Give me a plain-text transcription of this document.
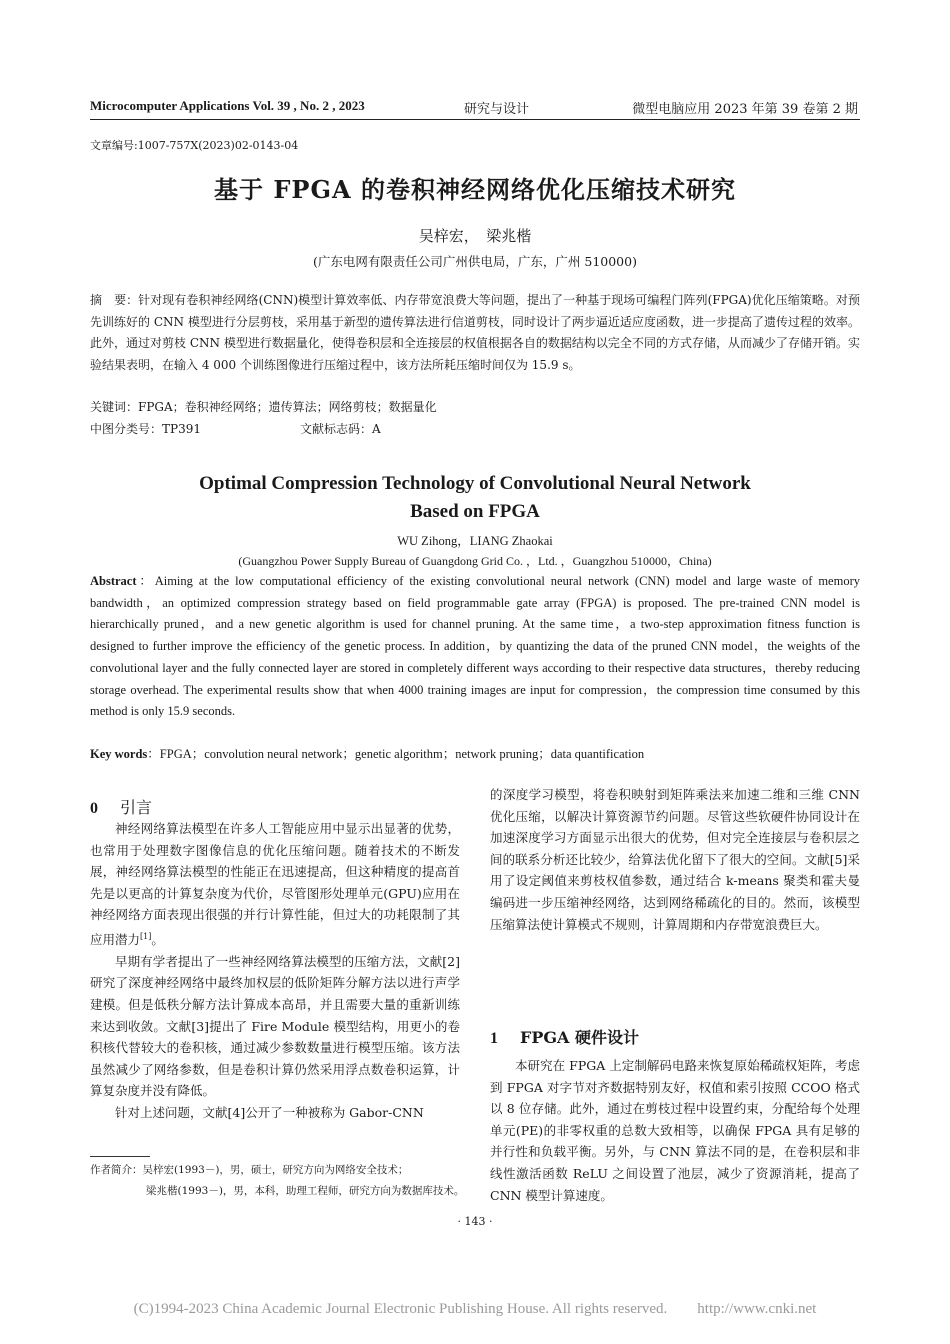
Microcomputer Applications Vol. 39 , No. 2 , 2023	研究与设计	微型电脑应用 2023 年第 39 卷第 2 期
文章编号:1007-757X(2023)02-0143-04
基于 FPGA 的卷积神经网络优化压缩技术研究
吴梓宏，　梁兆楷
(广东电网有限责任公司广州供电局，广东，广州 510000)
摘　要：针对现有卷积神经网络(CNN)模型计算效率低、内存带宽浪费大等问题，提出了一种基于现场可编程门阵列(FPGA)优化压缩策略。对预先训练好的 CNN 模型进行分层剪枝，采用基于新型的遗传算法进行信道剪枝，同时设计了两步逼近适应度函数，进一步提高了遗传过程的效率。此外，通过对剪枝 CNN 模型进行数据量化，使得卷积层和全连接层的权值根据各自的数据结构以完全不同的方式存储，从而减少了存储开销。实验结果表明，在输入 4 000 个训练图像进行压缩过程中，该方法所耗压缩时间仅为 15.9 s。
关键词：FPGA；卷积神经网络；遗传算法；网络剪枝；数据量化
中图分类号：TP391	文献标志码：A
Optimal Compression Technology of Convolutional Neural Network
Based on FPGA
WU Zihong，LIANG Zhaokai
(Guangzhou Power Supply Bureau of Guangdong Grid Co. ，Ltd. ，Guangzhou 510000，China)
Abstract：Aiming at the low computational efficiency of the existing convolutional neural network (CNN) model and large waste of memory bandwidth，an optimized compression strategy based on field programmable gate array (FPGA) is proposed. The pre-trained CNN model is hierarchically pruned，and a new genetic algorithm is used for channel pruning. At the same time，a two-step approximation fitness function is designed to further improve the efficiency of the genetic process. In addition，by quantizing the data of the pruned CNN model，the weights of the convolutional layer and the fully connected layer are stored in completely different ways according to their respective data structures，thereby reducing storage overhead. The experimental results show that when 4000 training images are input for compression，the compression time consumed by this method is only 15.9 seconds.
Key words：FPGA；convolution neural network；genetic algorithm；network pruning；data quantification
0 引言

神经网络算法模型在许多人工智能应用中显示出显著的优势，也常用于处理数字图像信息的优化压缩问题。随着技术的不断发展，神经网络算法模型的性能正在迅速提高，但这种精度的提高首先是以更高的计算复杂度为代价，尽管图形处理单元(GPU)应用在神经网络方面表现出很强的并行计算性能，但过大的功耗限制了其应用潜力[1]。

早期有学者提出了一些神经网络算法模型的压缩方法，文献[2]研究了深度神经网络中最终加权层的低阶矩阵分解方法以进行声学建模。但是低秩分解方法计算成本高昂，并且需要大量的重新训练来达到收敛。文献[3]提出了 Fire Module 模型结构，用更小的卷积核代替较大的卷积核，通过减少参数数量进行模型压缩。该方法虽然减少了网络参数，但是卷积计算仍然采用浮点数卷积运算，计算复杂度并没有降低。

针对上述问题，文献[4]公开了一种被称为 Gabor-CNN

的深度学习模型，将卷积映射到矩阵乘法来加速二维和三维 CNN 优化压缩，以解决计算资源节约问题。尽管这些软硬件协同设计在加速深度学习方面显示出很大的优势，但对完全连接层与卷积层之间的联系分析还比较少，给算法优化留下了很大的空间。文献[5]采用了设定阈值来剪枝权值参数，通过结合 k-means 聚类和霍夫曼编码进一步压缩神经网络，达到网络稀疏化的目的。然而，该模型压缩算法使计算模式不规则，计算周期和内存带宽浪费巨大。

1 FPGA 硬件设计

本研究在 FPGA 上定制解码电路来恢复原始稀疏权矩阵，考虑到 FPGA 对字节对齐数据特别友好，权值和索引按照 CCOO 格式以 8 位存储。此外，通过在剪枝过程中设置约束，分配给每个处理单元(PE)的非零权重的总数大致相等，以确保 FPGA 具有足够的并行性和负载平衡。另外，与 CNN 算法不同的是，在卷积层和非线性激活函数 ReLU 之间设置了池层，减少了资源消耗，提高了 CNN 模型计算速度。

作者简介：吴梓宏(1993－)，男，硕士，研究方向为网络安全技术；
梁兆楷(1993－)，男，本科，助理工程师，研究方向为数据库技术。
· 143 ·
(C)1994-2023 China Academic Journal Electronic Publishing House. All rights reserved.　　http://www.cnki.net
